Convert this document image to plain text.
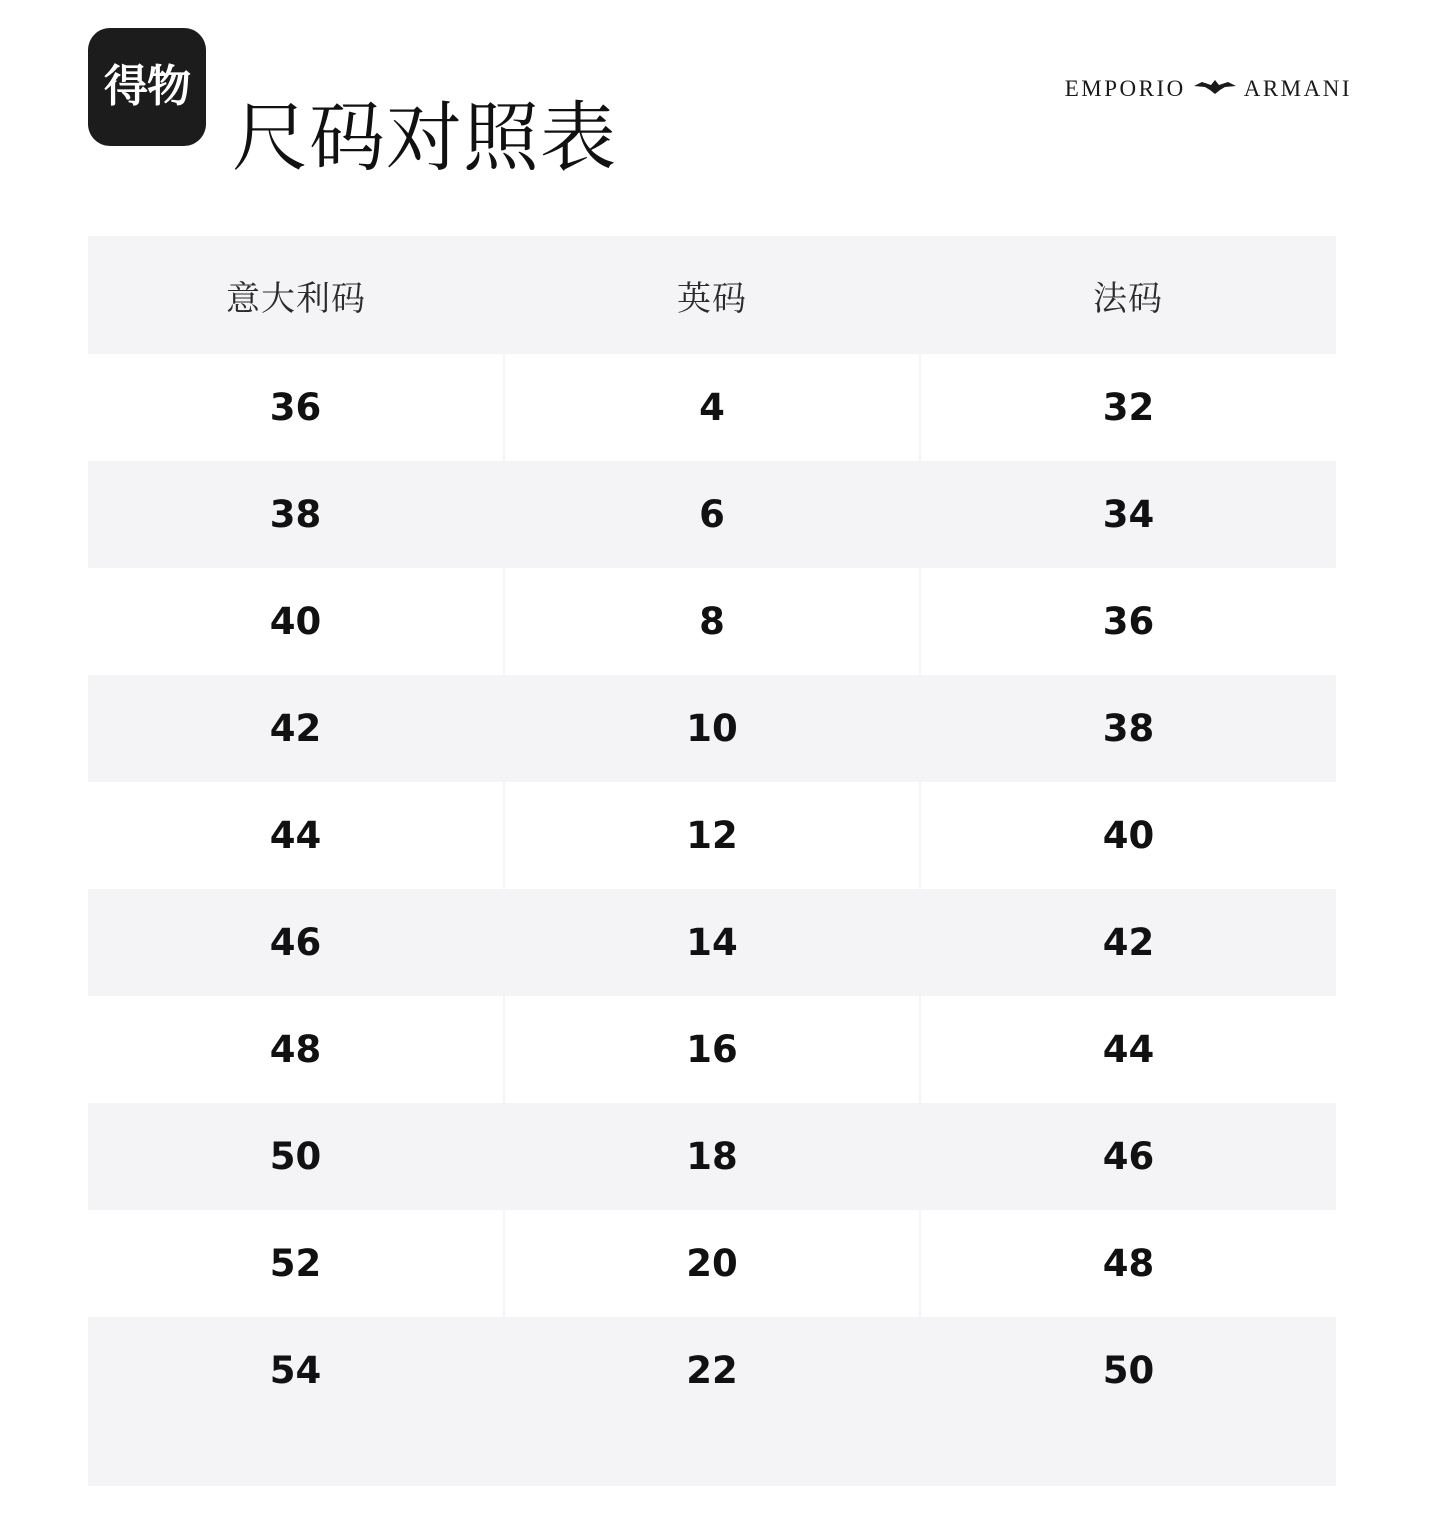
得物
尺码对照表
EMPORIO	ARMANI
意大利码	英码	法码
36	4	32
38	6	34
40	8	36
42	10	38
44	12	40
46	14	42
48	16	44
50	18	46
52	20	48
54	22	50
